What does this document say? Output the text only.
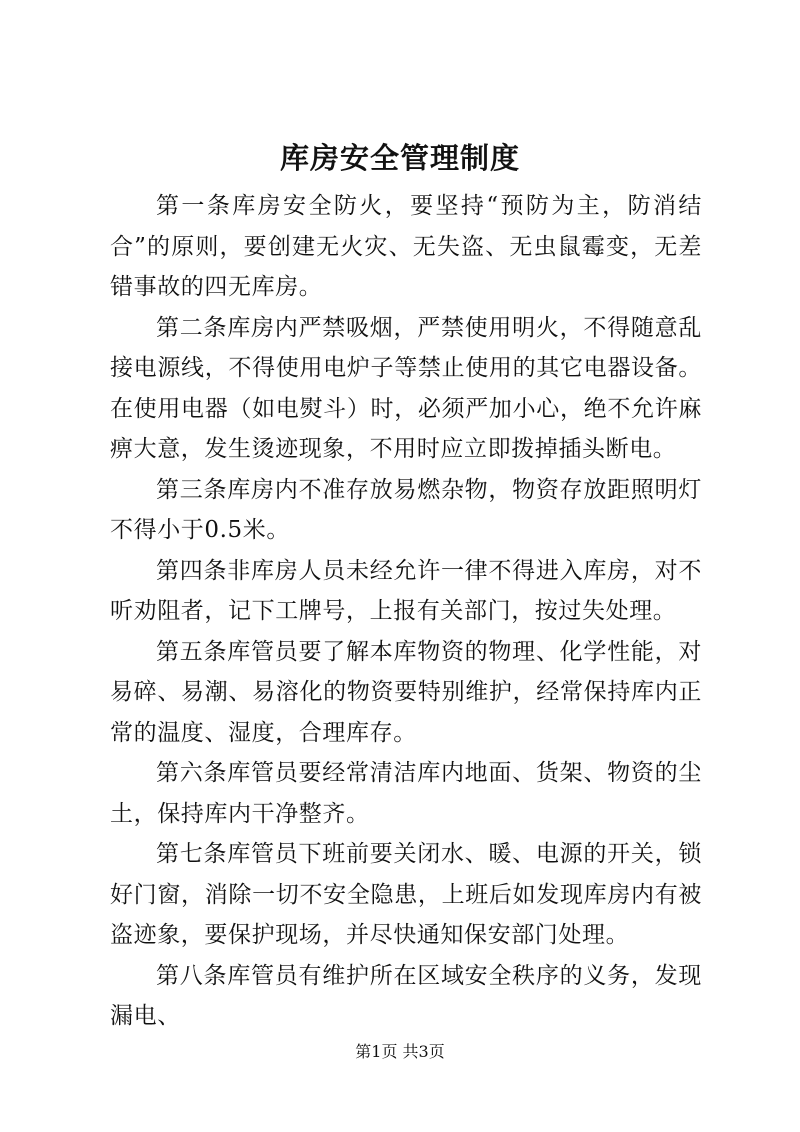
库房安全管理制度

第一条库房安全防火，要坚持“预防为主，防消结合”的原则，要创建无火灾、无失盗、无虫鼠霉变，无差错事故的四无库房。

第二条库房内严禁吸烟，严禁使用明火，不得随意乱接电源线，不得使用电炉子等禁止使用的其它电器设备。在使用电器（如电熨斗）时，必须严加小心，绝不允许麻痹大意，发生烫迹现象，不用时应立即拨掉插头断电。

第三条库房内不准存放易燃杂物，物资存放距照明灯不得小于0.5米。

第四条非库房人员未经允许一律不得进入库房，对不听劝阻者，记下工牌号，上报有关部门，按过失处理。

第五条库管员要了解本库物资的物理、化学性能，对易碎、易潮、易溶化的物资要特别维护，经常保持库内正常的温度、湿度，合理库存。

第六条库管员要经常清洁库内地面、货架、物资的尘土，保持库内干净整齐。

第七条库管员下班前要关闭水、暖、电源的开关，锁好门窗，消除一切不安全隐患，上班后如发现库房内有被盗迹象，要保护现场，并尽快通知保安部门处理。

第八条库管员有维护所在区域安全秩序的义务，发现漏电、

第1页 共3页
